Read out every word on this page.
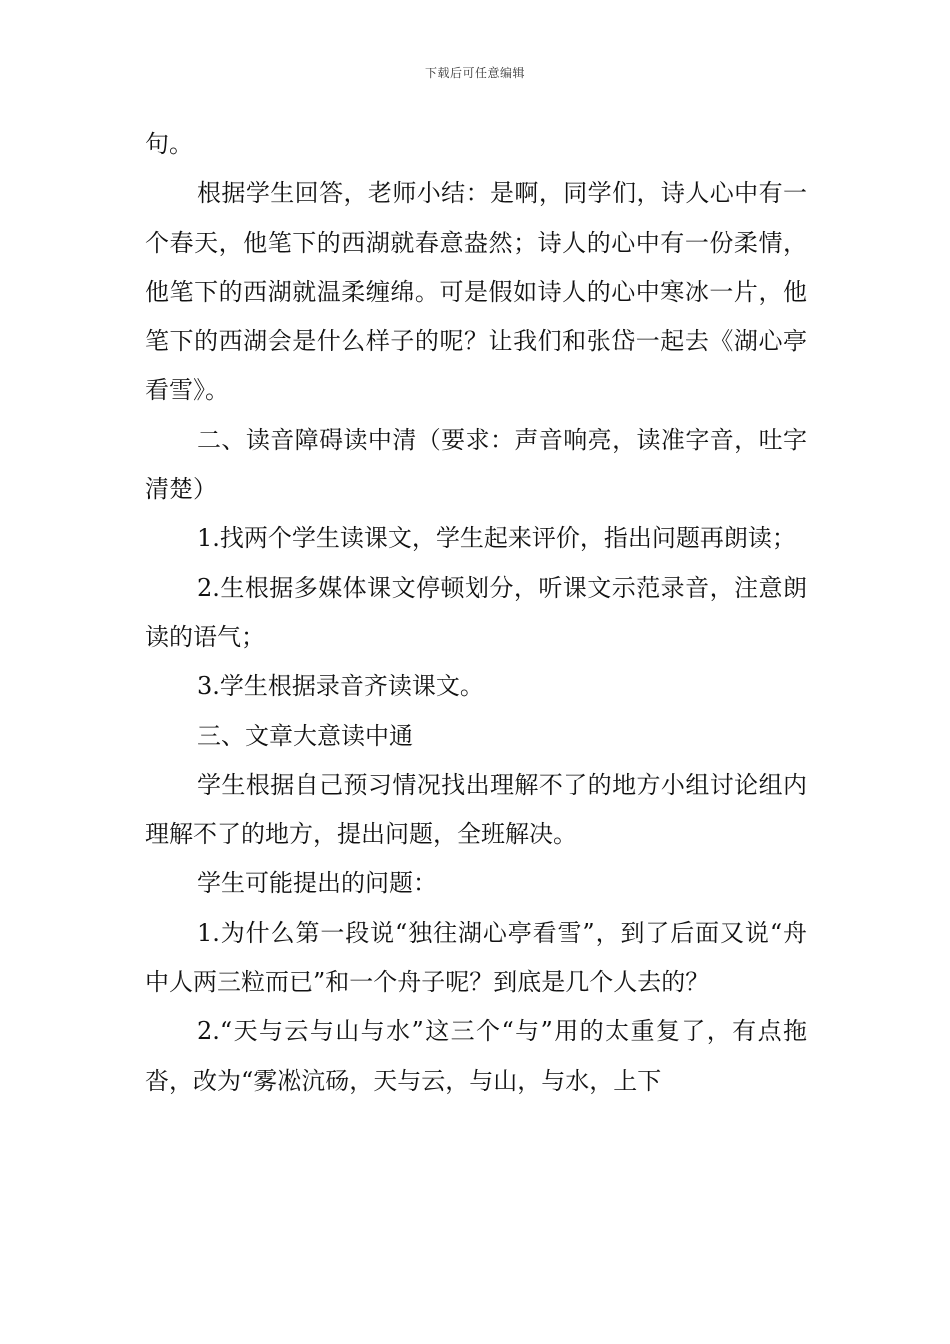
下载后可任意编辑

句。

根据学生回答，老师小结：是啊，同学们，诗人心中有一个春天，他笔下的西湖就春意盎然；诗人的心中有一份柔情，他笔下的西湖就温柔缠绵。可是假如诗人的心中寒冰一片，他笔下的西湖会是什么样子的呢？让我们和张岱一起去《湖心亭看雪》。

二、读音障碍读中清（要求：声音响亮，读准字音，吐字清楚）

1.找两个学生读课文，学生起来评价，指出问题再朗读；

2.生根据多媒体课文停顿划分，听课文示范录音，注意朗读的语气；

3.学生根据录音齐读课文。

三、文章大意读中通

学生根据自己预习情况找出理解不了的地方小组讨论组内理解不了的地方，提出问题，全班解决。

学生可能提出的问题：

1.为什么第一段说“独往湖心亭看雪”，到了后面又说“舟中人两三粒而已”和一个舟子呢？到底是几个人去的？

2.“天与云与山与水”这三个“与”用的太重复了，有点拖沓，改为“雾凇沆砀，天与云，与山，与水，上下
